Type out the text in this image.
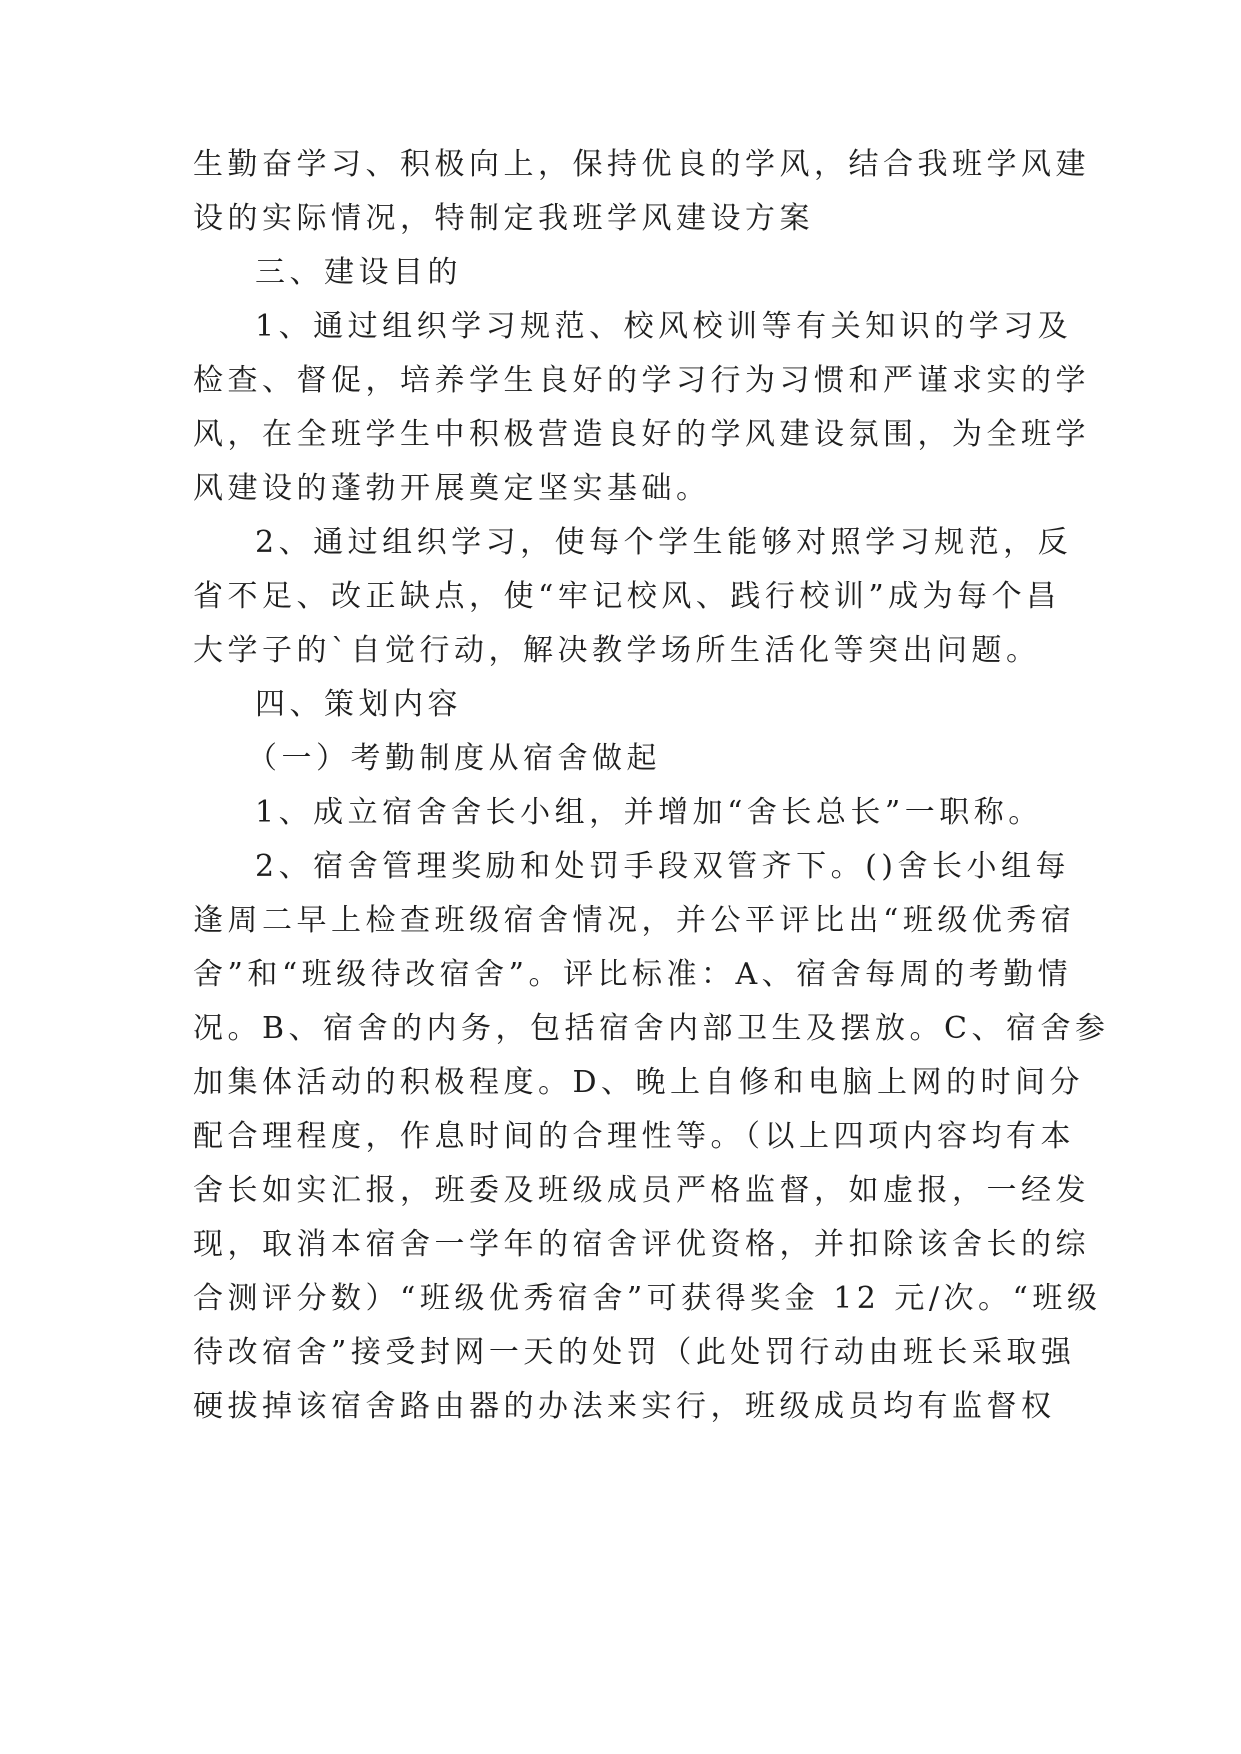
生勤奋学习、积极向上，保持优良的学风，结合我班学风建
设的实际情况，特制定我班学风建设方案
三、建设目的
1、通过组织学习规范、校风校训等有关知识的学习及
检查、督促，培养学生良好的学习行为习惯和严谨求实的学
风，在全班学生中积极营造良好的学风建设氛围，为全班学
风建设的蓬勃开展奠定坚实基础。
2、通过组织学习，使每个学生能够对照学习规范，反
省不足、改正缺点，使“牢记校风、践行校训”成为每个昌
大学子的`自觉行动，解决教学场所生活化等突出问题。
四、策划内容
（一）考勤制度从宿舍做起
1、成立宿舍舍长小组，并增加“舍长总长”一职称。
2、宿舍管理奖励和处罚手段双管齐下。()舍长小组每
逢周二早上检查班级宿舍情况，并公平评比出“班级优秀宿
舍”和“班级待改宿舍”。评比标准：A、宿舍每周的考勤情
况。B、宿舍的内务，包括宿舍内部卫生及摆放。C、宿舍参
加集体活动的积极程度。D、晚上自修和电脑上网的时间分
配合理程度，作息时间的合理性等。（以上四项内容均有本
舍长如实汇报，班委及班级成员严格监督，如虚报，一经发
现，取消本宿舍一学年的宿舍评优资格，并扣除该舍长的综
合测评分数）“班级优秀宿舍”可获得奖金 12 元/次。“班级
待改宿舍”接受封网一天的处罚（此处罚行动由班长采取强
硬拔掉该宿舍路由器的办法来实行，班级成员均有监督权
